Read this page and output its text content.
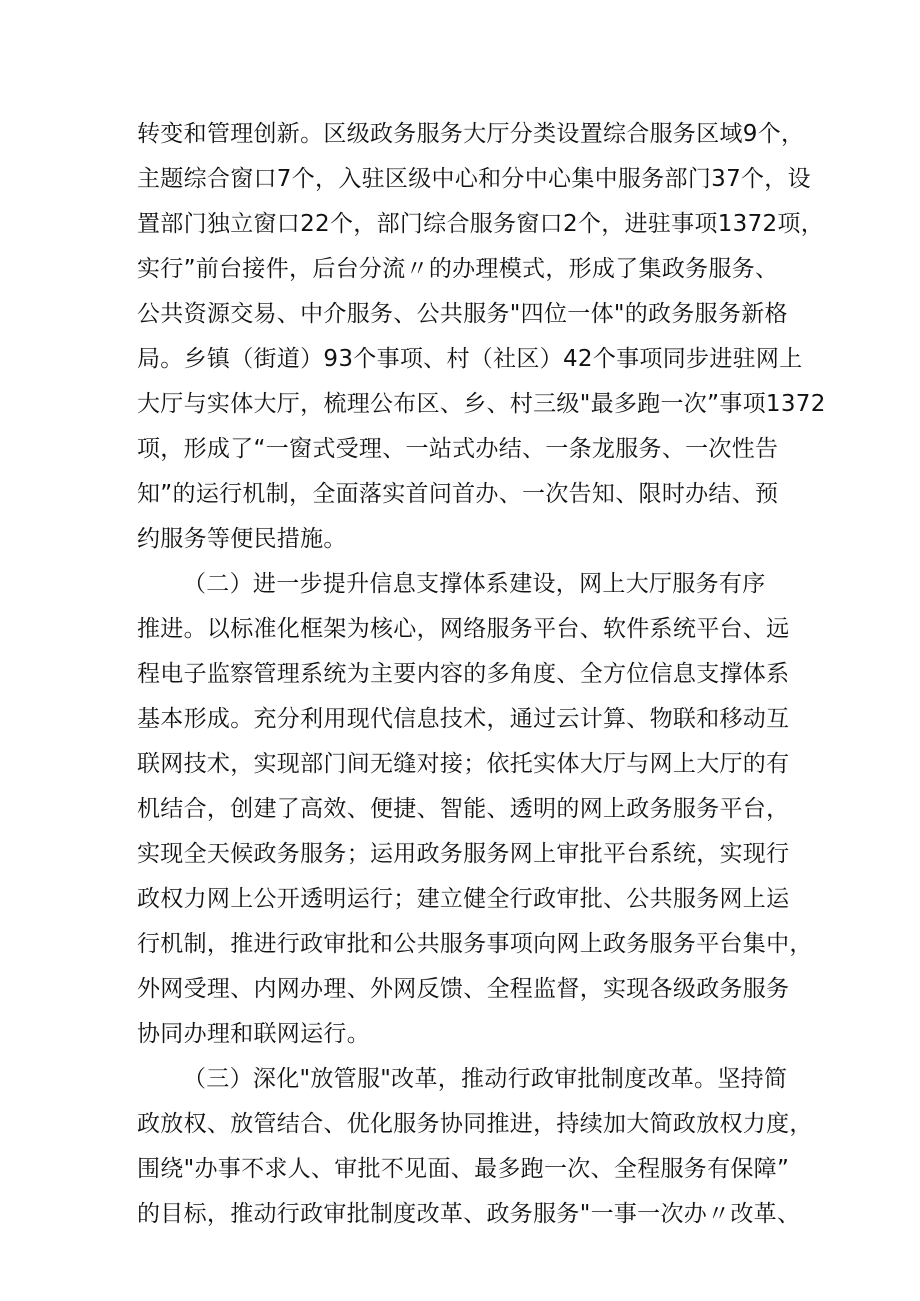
转变和管理创新。区级政务服务大厅分类设置综合服务区域9个，
主题综合窗口7个，入驻区级中心和分中心集中服务部门37个，设
置部门独立窗口22个，部门综合服务窗口2个，进驻事项1372项，
实行”前台接件，后台分流〃的办理模式，形成了集政务服务、
公共资源交易、中介服务、公共服务"四位一体"的政务服务新格
局。乡镇（街道）93个事项、村（社区）42个事项同步进驻网上
大厅与实体大厅，梳理公布区、乡、村三级"最多跑一次”事项1372
项，形成了“一窗式受理、一站式办结、一条龙服务、一次性告
知”的运行机制，全面落实首问首办、一次告知、限时办结、预
约服务等便民措施。
（二）进一步提升信息支撑体系建设，网上大厅服务有序
推进。以标准化框架为核心，网络服务平台、软件系统平台、远
程电子监察管理系统为主要内容的多角度、全方位信息支撑体系
基本形成。充分利用现代信息技术，通过云计算、物联和移动互
联网技术，实现部门间无缝对接；依托实体大厅与网上大厅的有
机结合，创建了高效、便捷、智能、透明的网上政务服务平台，
实现全天候政务服务；运用政务服务网上审批平台系统，实现行
政权力网上公开透明运行；建立健全行政审批、公共服务网上运
行机制，推进行政审批和公共服务事项向网上政务服务平台集中，
外网受理、内网办理、外网反馈、全程监督，实现各级政务服务
协同办理和联网运行。
（三）深化"放管服"改革，推动行政审批制度改革。坚持简
政放权、放管结合、优化服务协同推进，持续加大简政放权力度，
围绕"办事不求人、审批不见面、最多跑一次、全程服务有保障”
的目标，推动行政审批制度改革、政务服务"一事一次办〃改革、
